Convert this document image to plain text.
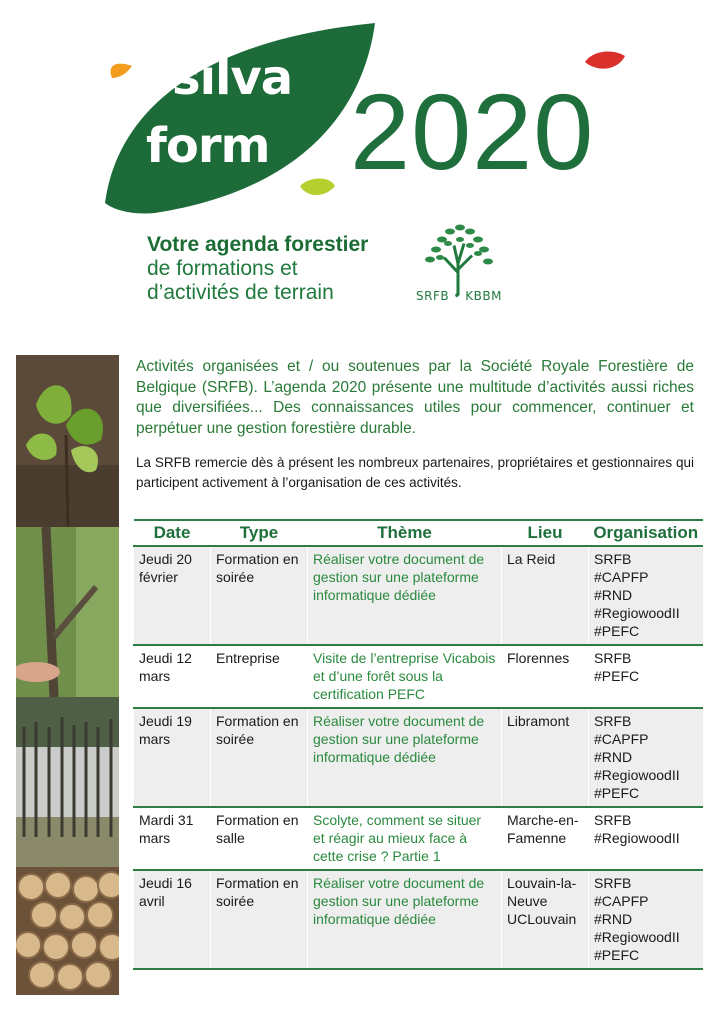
silva
form 2020
Votre agenda forestier
de formations et
d’activités de terrain	SRFB • KBBM
Activités organisées et / ou soutenues par la Société Royale Forestière de Belgique (SRFB). L’agenda 2020 présente une multitude d’activités aussi riches que diversifiées... Des connaissances utiles pour commencer, continuer et perpétuer une gestion forestière durable.
La SRFB remercie dès à présent les nombreux partenaires, propriétaires et gestionnaires qui participent activement à l’organisation de ces activités.
Date	Type	Thème	Lieu	Organisation
Jeudi 20 février	Formation en soirée	Réaliser votre document de gestion sur une plateforme informatique dédiée	La Reid	SRFB
#CAPFP
#RND
#RegiowoodII
#PEFC

Jeudi 12 mars	Entreprise	Visite de l’entreprise Vicabois et d’une forêt sous la certification PEFC	Florennes	SRFB
#PEFC

Jeudi 19 mars	Formation en soirée	Réaliser votre document de gestion sur une plateforme informatique dédiée	Libramont	SRFB
#CAPFP
#RND
#RegiowoodII
#PEFC

Mardi 31 mars	Formation en salle	Scolyte, comment se situer et réagir au mieux face à cette crise ? Partie 1	Marche-en-Famenne	SRFB
#RegiowoodII

Jeudi 16 avril	Formation en soirée	Réaliser votre document de gestion sur une plateforme informatique dédiée	Louvain-la-Neuve UCLouvain	SRFB
#CAPFP
#RND
#RegiowoodII
#PEFC
